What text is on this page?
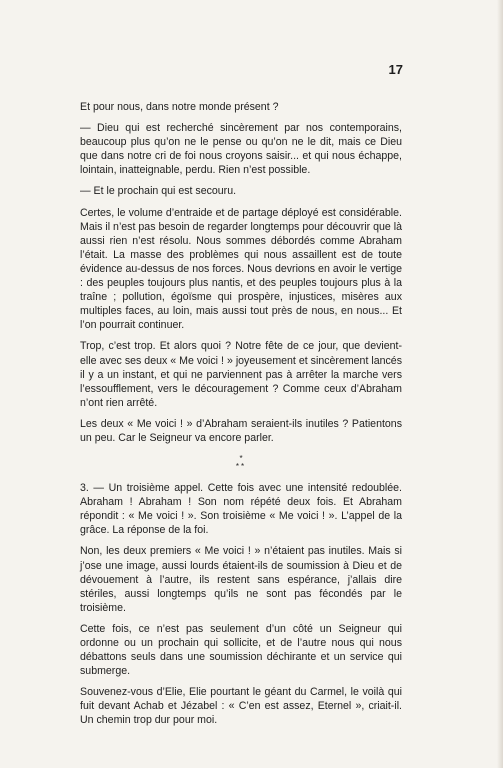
17

Et pour nous, dans notre monde présent ?

— Dieu qui est recherché sincèrement par nos contemporains, beaucoup plus qu’on ne le pense ou qu’on ne le dit, mais ce Dieu que dans notre cri de foi nous croyons saisir... et qui nous échappe, lointain, inatteignable, perdu. Rien n’est possible.

— Et le prochain qui est secouru.

Certes, le volume d’entraide et de partage déployé est considérable. Mais il n’est pas besoin de regarder longtemps pour découvrir que là aussi rien n’est résolu. Nous sommes débordés comme Abraham l’était. La masse des problèmes qui nous assaillent est de toute évidence au-dessus de nos forces. Nous devrions en avoir le vertige : des peuples toujours plus nantis, et des peuples toujours plus à la traîne ; pollution, égoïsme qui prospère, injustices, misères aux multiples faces, au loin, mais aussi tout près de nous, en nous... Et l’on pourrait continuer.

Trop, c’est trop. Et alors quoi ? Notre fête de ce jour, que devient-elle avec ses deux « Me voici ! » joyeusement et sincèrement lancés il y a un instant, et qui ne parviennent pas à arrêter la marche vers l’essoufflement, vers le découragement ? Comme ceux d’Abraham n’ont rien arrêté.

Les deux « Me voici ! » d’Abraham seraient-ils inutiles ? Patientons un peu. Car le Seigneur va encore parler.

*
**

3. — Un troisième appel. Cette fois avec une intensité redoublée. Abraham ! Abraham ! Son nom répété deux fois. Et Abraham répondit : « Me voici ! ». Son troisième « Me voici ! ». L’appel de la grâce. La réponse de la foi.

Non, les deux premiers « Me voici ! » n’étaient pas inutiles. Mais si j’ose une image, aussi lourds étaient-ils de soumission à Dieu et de dévouement à l’autre, ils restent sans espérance, j’allais dire stériles, aussi longtemps qu’ils ne sont pas fécondés par le troisième.

Cette fois, ce n’est pas seulement d’un côté un Seigneur qui ordonne ou un prochain qui sollicite, et de l’autre nous qui nous débattons seuls dans une soumission déchirante et un service qui submerge.

Souvenez-vous d’Elie, Elie pourtant le géant du Carmel, le voilà qui fuit devant Achab et Jézabel : « C’en est assez, Eternel », criait-il. Un chemin trop dur pour moi.
